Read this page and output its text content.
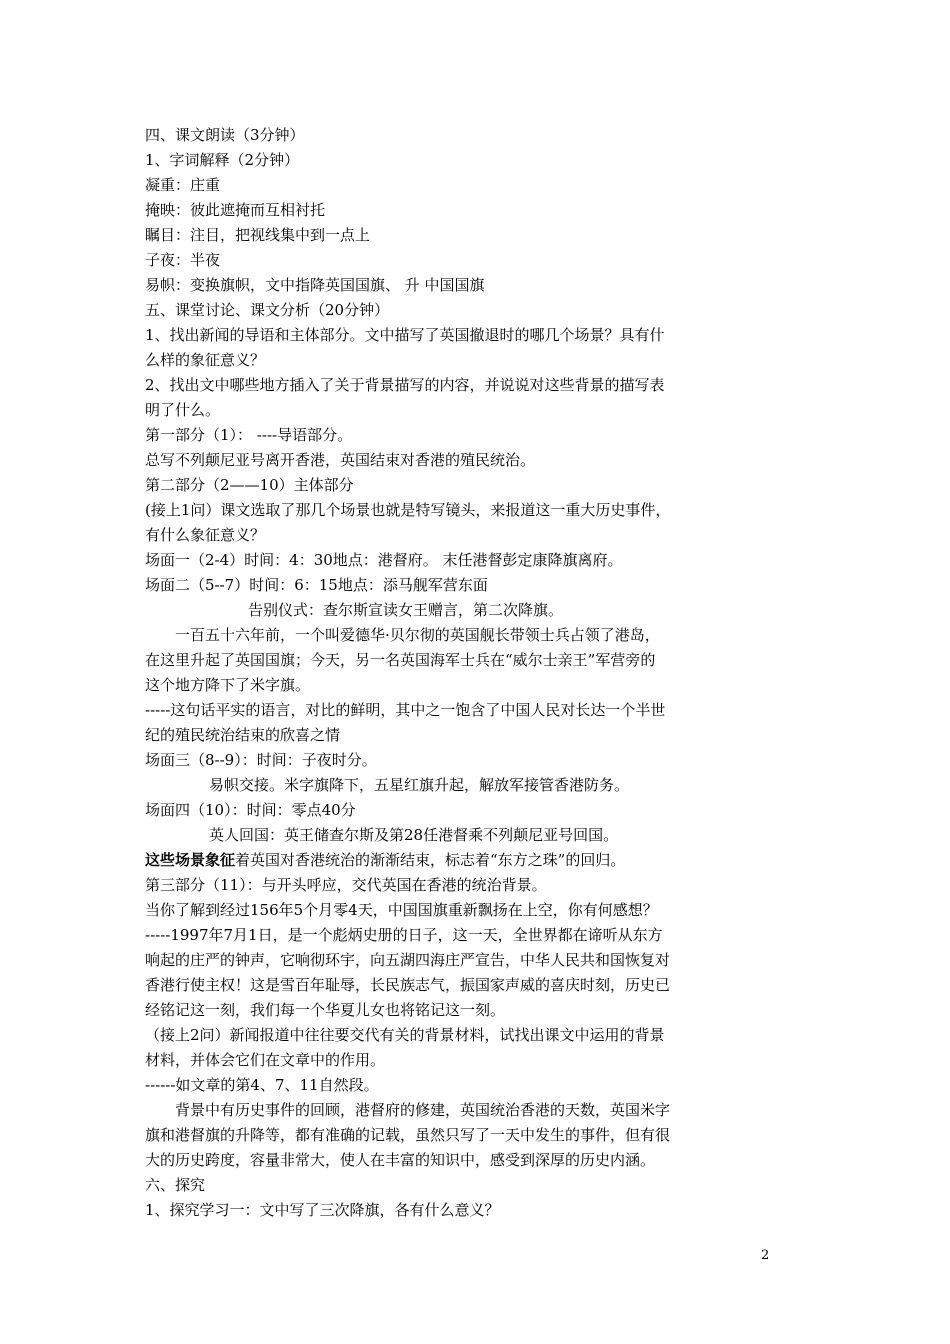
四、课文朗读（3分钟）
1、字词解释（2分钟）
凝重：庄重
掩映：彼此遮掩而互相衬托
瞩目：注目，把视线集中到一点上
子夜：半夜
易帜：变换旗帜，文中指降英国国旗、 升 中国国旗
五、课堂讨论、课文分析（20分钟）
1、找出新闻的导语和主体部分。文中描写了英国撤退时的哪几个场景？具有什
么样的象征意义？
2、找出文中哪些地方插入了关于背景描写的内容，并说说对这些背景的描写表
明了什么。
第一部分（1）： ----导语部分。
总写不列颠尼亚号离开香港，英国结束对香港的殖民统治。
第二部分（2——10）主体部分
(接上1问）课文选取了那几个场景也就是特写镜头，来报道这一重大历史事件，
有什么象征意义？
场面一（2-4）时间：4：30地点：港督府。 末任港督彭定康降旗离府。
场面二（5--7）时间：6：15地点：添马舰军营东面
告别仪式：查尔斯宣读女王赠言，第二次降旗。
一百五十六年前，一个叫爱德华·贝尔彻的英国舰长带领士兵占领了港岛，
在这里升起了英国国旗；今天，另一名英国海军士兵在“威尔士亲王”军营旁的
这个地方降下了米字旗。
-----这句话平实的语言，对比的鲜明，其中之一饱含了中国人民对长达一个半世
纪的殖民统治结束的欣喜之情
场面三（8--9）：时间：子夜时分。
易帜交接。米字旗降下，五星红旗升起，解放军接管香港防务。
场面四（10）：时间：零点40分
英人回国：英王储查尔斯及第28任港督乘不列颠尼亚号回国。
这些场景象征着英国对香港统治的渐渐结束，标志着“东方之珠”的回归。
第三部分（11）：与开头呼应，交代英国在香港的统治背景。
当你了解到经过156年5个月零4天，中国国旗重新飘扬在上空，你有何感想？
-----1997年7月1日，是一个彪炳史册的日子，这一天，全世界都在谛听从东方
响起的庄严的钟声，它响彻环宇，向五湖四海庄严宣告，中华人民共和国恢复对
香港行使主权！这是雪百年耻辱，长民族志气，振国家声威的喜庆时刻，历史已
经铭记这一刻，我们每一个华夏儿女也将铭记这一刻。
（接上2问）新闻报道中往往要交代有关的背景材料，试找出课文中运用的背景
材料，并体会它们在文章中的作用。
------如文章的第4、7、11自然段。
背景中有历史事件的回顾，港督府的修建，英国统治香港的天数，英国米字
旗和港督旗的升降等，都有准确的记载，虽然只写了一天中发生的事件，但有很
大的历史跨度，容量非常大，使人在丰富的知识中，感受到深厚的历史内涵。
六、探究
1、探究学习一：文中写了三次降旗，各有什么意义？
2
